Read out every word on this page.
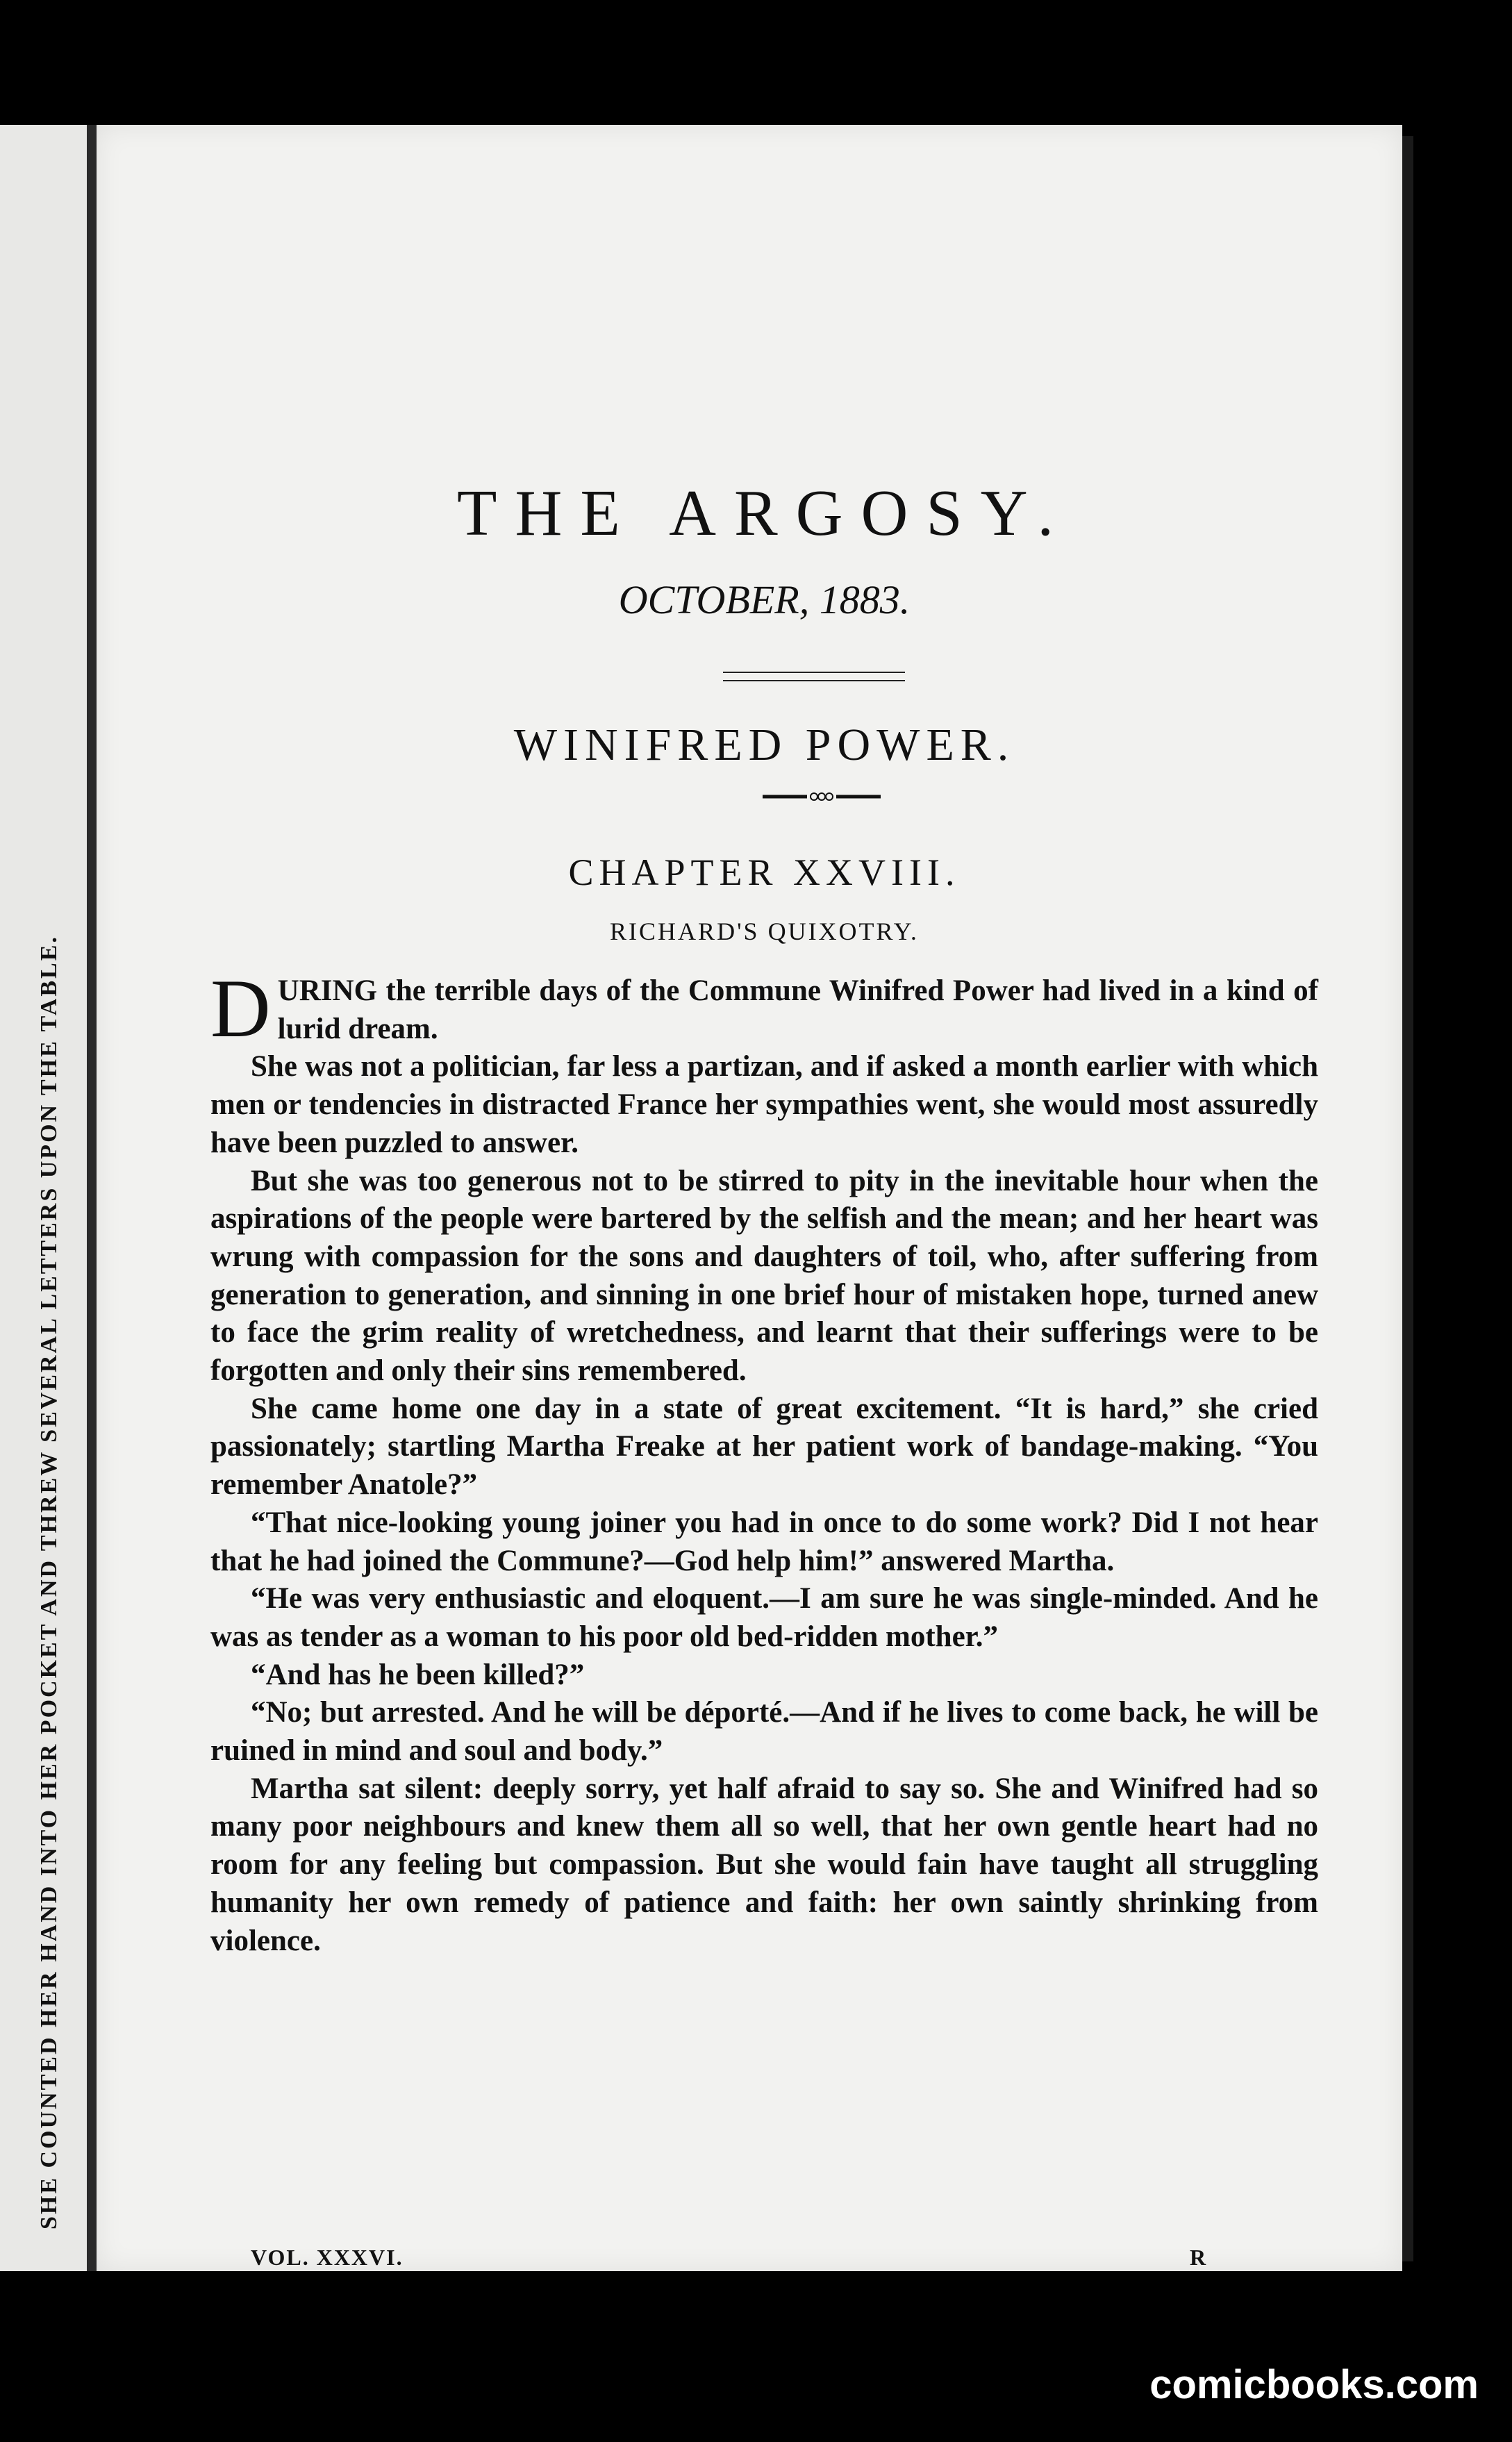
SHE COUNTED HER HAND INTO HER POCKET AND THREW SEVERAL LETTERS UPON THE TABLE.
THE ARGOSY.
OCTOBER, 1883.
WINIFRED POWER.
CHAPTER XXVIII.
RICHARD'S QUIXOTRY.

DURING the terrible days of the Commune Winifred Power had lived in a kind of lurid dream.

She was not a politician, far less a partizan, and if asked a month earlier with which men or tendencies in distracted France her sympathies went, she would most assuredly have been puzzled to answer.

But she was too generous not to be stirred to pity in the inevitable hour when the aspirations of the people were bartered by the selfish and the mean; and her heart was wrung with compassion for the sons and daughters of toil, who, after suffering from generation to generation, and sinning in one brief hour of mistaken hope, turned anew to face the grim reality of wretchedness, and learnt that their sufferings were to be forgotten and only their sins remembered.

She came home one day in a state of great excitement. “It is hard,” she cried passionately; startling Martha Freake at her patient work of bandage-making. “You remember Anatole?”

“That nice-looking young joiner you had in once to do some work? Did I not hear that he had joined the Commune?—God help him!” answered Martha.

“He was very enthusiastic and eloquent.—I am sure he was single-minded. And he was as tender as a woman to his poor old bed-ridden mother.”

“And has he been killed?”

“No; but arrested. And he will be déporté.—And if he lives to come back, he will be ruined in mind and soul and body.”

Martha sat silent: deeply sorry, yet half afraid to say so. She and Winifred had so many poor neighbours and knew them all so well, that her own gentle heart had no room for any feeling but compassion. But she would fain have taught all struggling humanity her own remedy of patience and faith: her own saintly shrinking from violence.

VOL. XXXVI.	R
comicbooks.com
